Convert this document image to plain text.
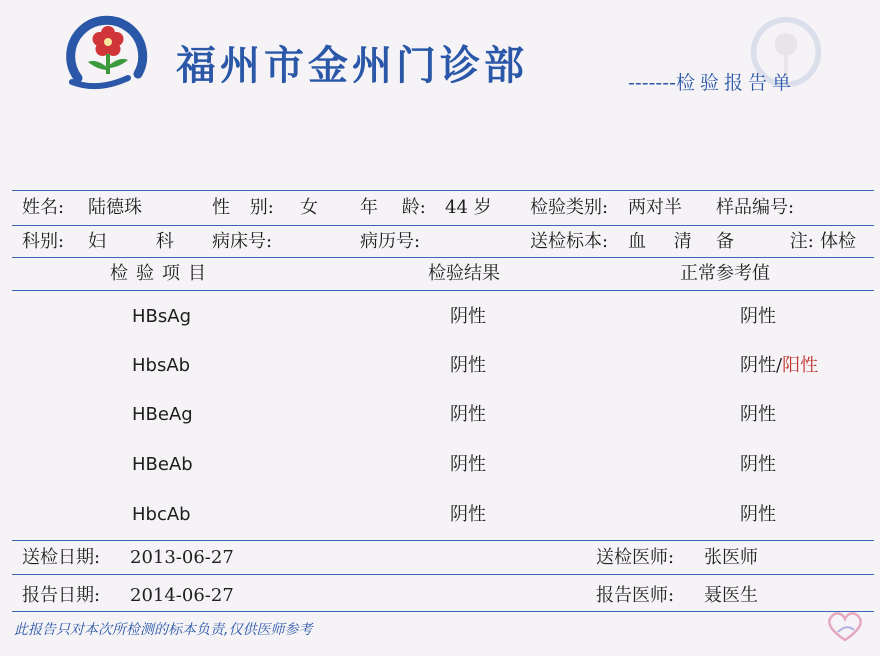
福州市金州门诊部	-------检验报告单
姓名: 陆德珠	性 别: 女 年 龄: 44 岁 检验类别: 两对半 样品编号:
科别: 妇 科 病床号:	病历号:	送检标本: 血 清 备 注: 体检
检验项目	检验结果	正常参考值
HBsAg	阴性	阴性
HbsAb	阴性	阴性/阳性
HBeAg	阴性	阴性
HBeAb	阴性	阴性
HbcAb	阴性	阴性
送检日期: 2013-06-27	送检医师: 张医师
报告日期: 2014-06-27	报告医师: 聂医生
此报告只对本次所检测的标本负责,仅供医师参考
